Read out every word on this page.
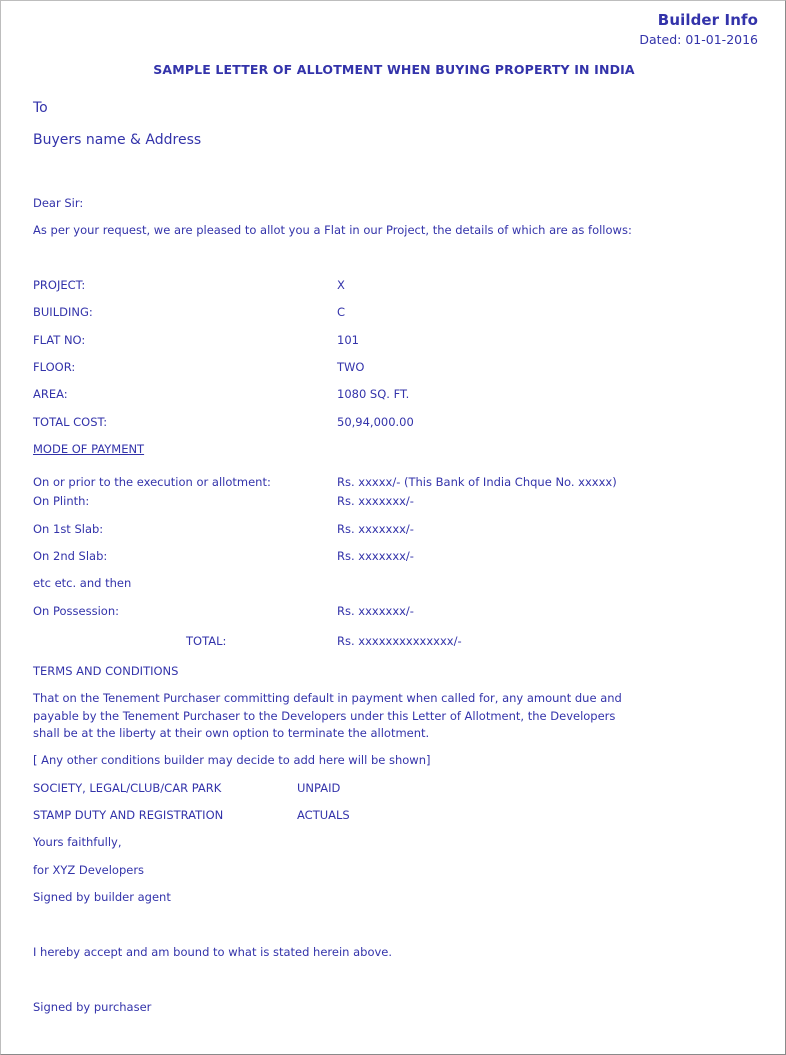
Builder Info
Dated: 01-01-2016
SAMPLE LETTER OF ALLOTMENT WHEN BUYING PROPERTY IN INDIA
To
Buyers name & Address
Dear Sir:
As per your request, we are pleased to allot you a Flat in our Project, the details of which are as follows:
PROJECT:	X
BUILDING:	C
FLAT NO:	101
FLOOR:	TWO
AREA:	1080 SQ. FT.
TOTAL COST:	50,94,000.00
MODE OF PAYMENT
On or prior to the execution or allotment:	Rs. xxxxx/- (This Bank of India Chque No. xxxxx)
On Plinth:	Rs. xxxxxxx/-
On 1st Slab:	Rs. xxxxxxx/-
On 2nd Slab:	Rs. xxxxxxx/-
etc etc. and then
On Possession:	Rs. xxxxxxx/-
TOTAL:	Rs. xxxxxxxxxxxxxx/-
TERMS AND CONDITIONS
That on the Tenement Purchaser committing default in payment when called for, any amount due and payable by the Tenement Purchaser to the Developers under this Letter of Allotment, the Developers shall be at the liberty at their own option to terminate the allotment.
[ Any other conditions builder may decide to add here will be shown]
SOCIETY, LEGAL/CLUB/CAR PARK	UNPAID
STAMP DUTY AND REGISTRATION	ACTUALS
Yours faithfully,
for XYZ Developers
Signed by builder agent
I hereby accept and am bound to what is stated herein above.
Signed by purchaser
